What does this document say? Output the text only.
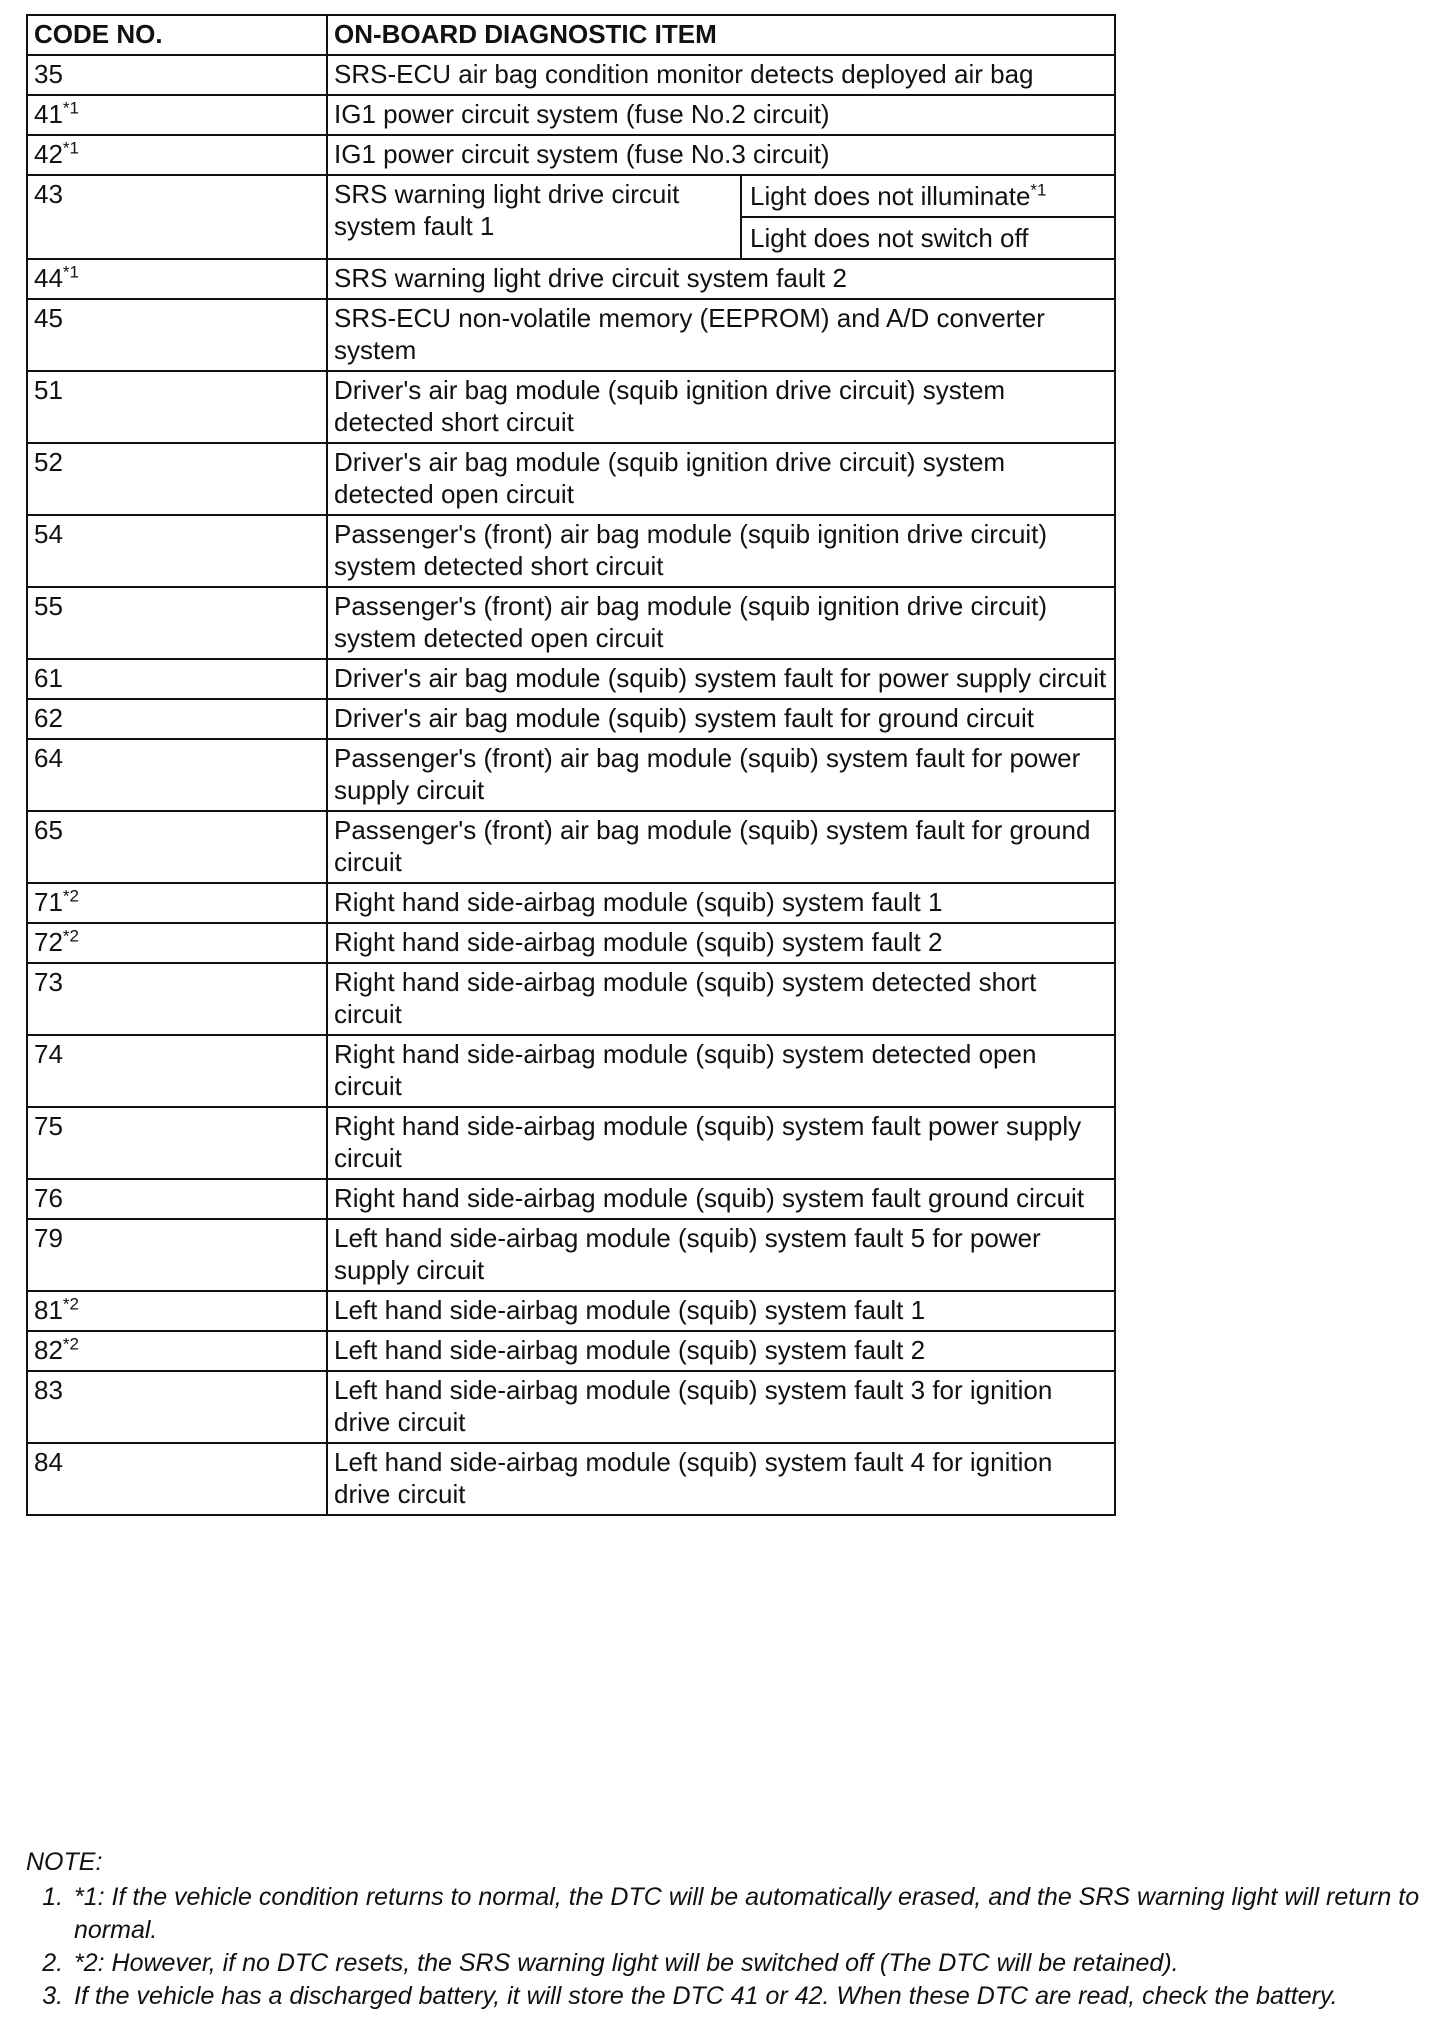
CODE NO.	ON-BOARD DIAGNOSTIC ITEM	
35	SRS-ECU air bag condition monitor detects deployed air bag	
41$^{*1}$	IG1 power circuit system (fuse No.2 circuit)	
42$^{*1}$	IG1 power circuit system (fuse No.3 circuit)	
43	SRS warning light drive circuit system fault 1	Light does not illuminate$^{*1}$
		Light does not switch off
44$^{*1}$	SRS warning light drive circuit system fault 2	
45	SRS-ECU non-volatile memory (EEPROM) and A/D converter system	
51	Driver's air bag module (squib ignition drive circuit) system detected short circuit	
52	Driver's air bag module (squib ignition drive circuit) system detected open circuit	
54	Passenger's (front) air bag module (squib ignition drive circuit) system detected short circuit	
55	Passenger's (front) air bag module (squib ignition drive circuit) system detected open circuit	
61	Driver's air bag module (squib) system fault for power supply circuit	
62	Driver's air bag module (squib) system fault for ground circuit	
64	Passenger's (front) air bag module (squib) system fault for power supply circuit	
65	Passenger's (front) air bag module (squib) system fault for ground circuit	
71$^{*2}$	Right hand side-airbag module (squib) system fault 1	
72$^{*2}$	Right hand side-airbag module (squib) system fault 2	
73	Right hand side-airbag module (squib) system detected short circuit	
74	Right hand side-airbag module (squib) system detected open circuit	
75	Right hand side-airbag module (squib) system fault power supply circuit	
76	Right hand side-airbag module (squib) system fault ground circuit	
79	Left hand side-airbag module (squib) system fault 5 for power supply circuit	
81$^{*2}$	Left hand side-airbag module (squib) system fault 1	
82$^{*2}$	Left hand side-airbag module (squib) system fault 2	
83	Left hand side-airbag module (squib) system fault 3 for ignition drive circuit	
84	Left hand side-airbag module (squib) system fault 4 for ignition drive circuit	
NOTE:
1. *1: If the vehicle condition returns to normal, the DTC will be automatically erased, and the SRS warning light will return to normal.
2. *2: However, if no DTC resets, the SRS warning light will be switched off (The DTC will be retained).
3. If the vehicle has a discharged battery, it will store the DTC 41 or 42. When these DTC are read, check the battery.
